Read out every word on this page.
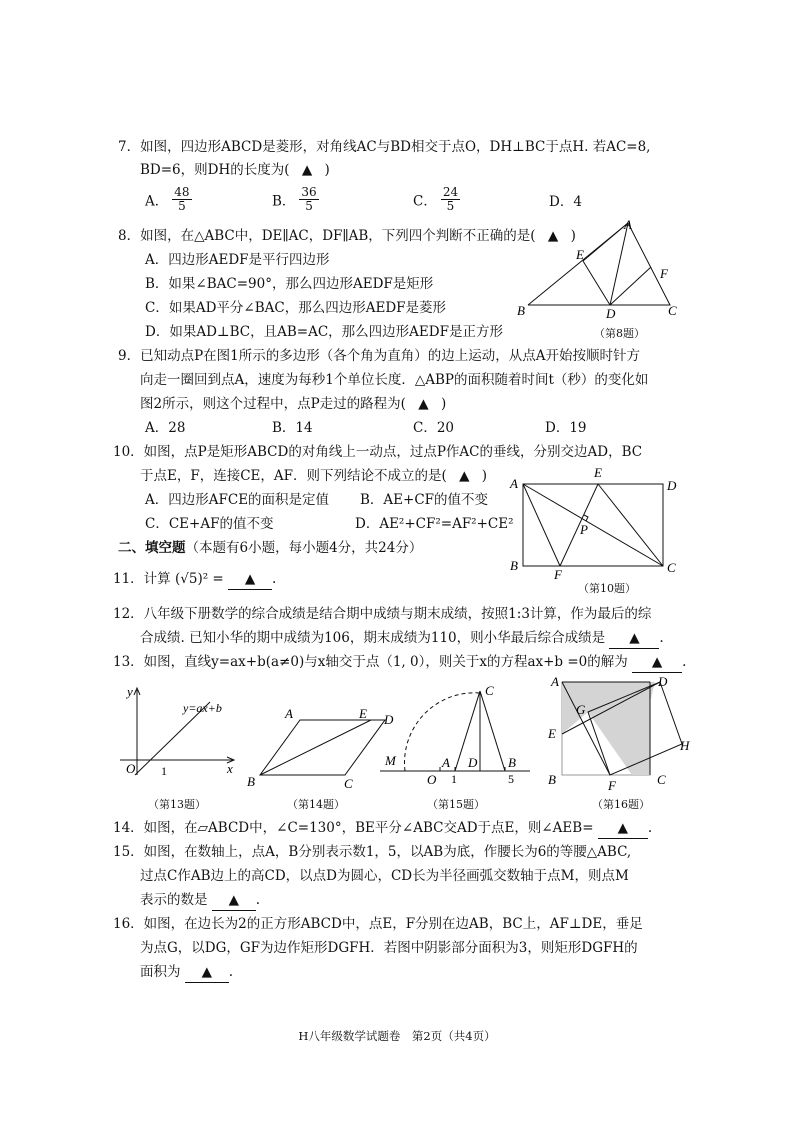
7．如图，四边形ABCD是菱形，对角线AC与BD相交于点O，DH⊥BC于点H. 若AC=8,
BD=6，则DH的长度为( ▲ )
A． $\frac{48}{5}$	B． $\frac{36}{5}$	C． $\frac{24}{5}$	D．4
8．如图，在△ABC中，DE∥AC，DF∥AB，下列四个判断不正确的是( ▲ )
A．四边形AEDF是平行四边形
B．如果∠BAC=90°，那么四边形AEDF是矩形
C．如果AD平分∠BAC，那么四边形AEDF是菱形
D．如果AD⊥BC，且AB=AC，那么四边形AEDF是正方形
B
A
C
D
E
F
（第8题）
9．已知动点P在图1所示的多边形（各个角为直角）的边上运动，从点A开始按顺时针方
向走一圈回到点A，速度为每秒1个单位长度．△ABP的面积随着时间t（秒）的变化如
图2所示，则这个过程中，点P走过的路程为( ▲ )
A．28	B．14	C．20	D．19
10．如图，点P是矩形ABCD的对角线上一动点，过点P作AC的垂线，分别交边AD，BC
于点E，F，连接CE，AF．则下列结论不成立的是( ▲ )
A．四边形AFCE的面积是定值 B．AE+CF的值不变
C．CE+AF的值不变	D．AE²+CF²=AF²+CE²
A
E
D
B
F	C
P
（第10题）
二、填空题（本题有6小题，每小题4分，共24分）
11．计算 (√5)² = ▲ .
12．八年级下册数学的综合成绩是结合期中成绩与期末成绩，按照1:3计算，作为最后的综
合成绩. 已知小华的期中成绩为106，期末成绩为110，则小华最后综合成绩是 ▲ .
13．如图，直线y=ax+b(a≠0)与x轴交于点（1, 0），则关于x的方程ax+b =0的解为 ▲ .
y
x
O 1
y=ax+b
（第13题）
A	E D
B	C
（第14题）
M
O
A
1
D B
5
C
（第15题）
A	D
E
G
H
B	F	C
（第16题）
14．如图，在▱ABCD中，∠C=130°，BE平分∠ABC交AD于点E，则∠AEB= ▲ .
15．如图，在数轴上，点A，B分别表示数1，5，以AB为底，作腰长为6的等腰△ABC,
过点C作AB边上的高CD，以点D为圆心，CD长为半径画弧交数轴于点M，则点M
表示的数是 ▲ .
16．如图，在边长为2的正方形ABCD中，点E，F分别在边AB，BC上，AF⊥DE，垂足
为点G，以DG，GF为边作矩形DGFH．若图中阴影部分面积为3，则矩形DGFH的
面积为 ▲ .
H八年级数学试题卷　第2页（共4页）
